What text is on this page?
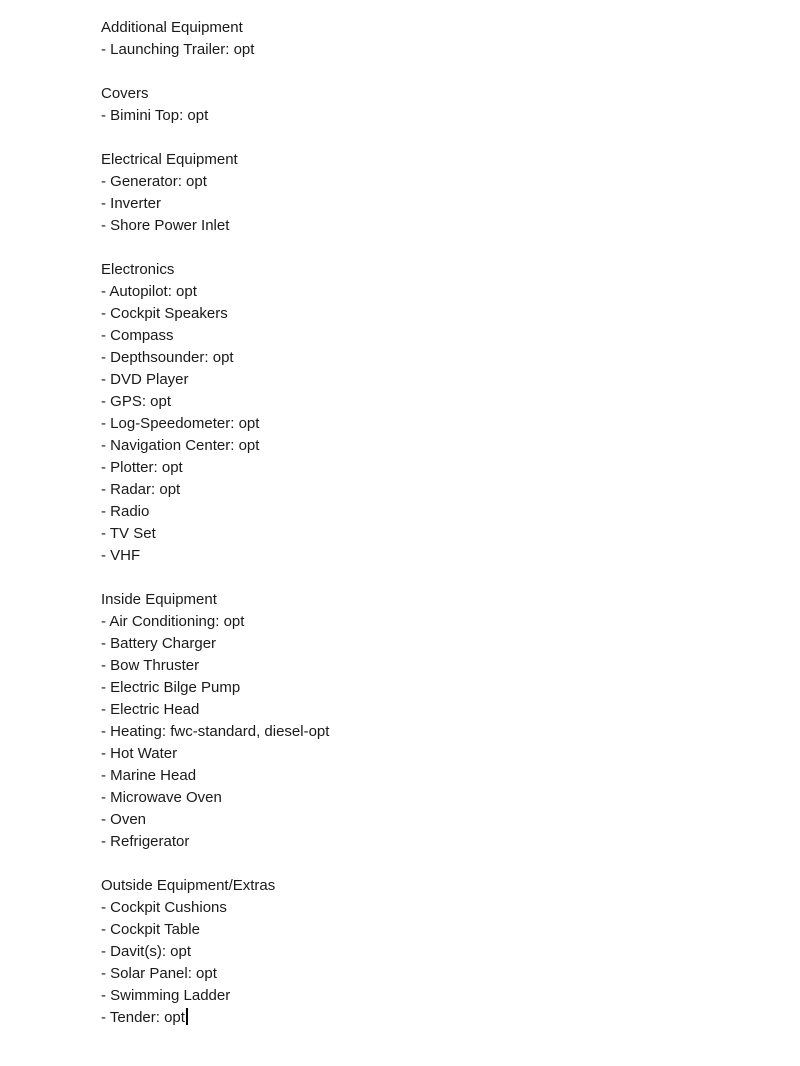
Additional Equipment
- Launching Trailer: opt
Covers
- Bimini Top: opt
Electrical Equipment
- Generator: opt
- Inverter
- Shore Power Inlet
Electronics
- Autopilot: opt
- Cockpit Speakers
- Compass
- Depthsounder: opt
- DVD Player
- GPS: opt
- Log-Speedometer: opt
- Navigation Center: opt
- Plotter: opt
- Radar: opt
- Radio
- TV Set
- VHF
Inside Equipment
- Air Conditioning: opt
- Battery Charger
- Bow Thruster
- Electric Bilge Pump
- Electric Head
- Heating: fwc-standard, diesel-opt
- Hot Water
- Marine Head
- Microwave Oven
- Oven
- Refrigerator
Outside Equipment/Extras
- Cockpit Cushions
- Cockpit Table
- Davit(s): opt
- Solar Panel: opt
- Swimming Ladder
- Tender: opt
